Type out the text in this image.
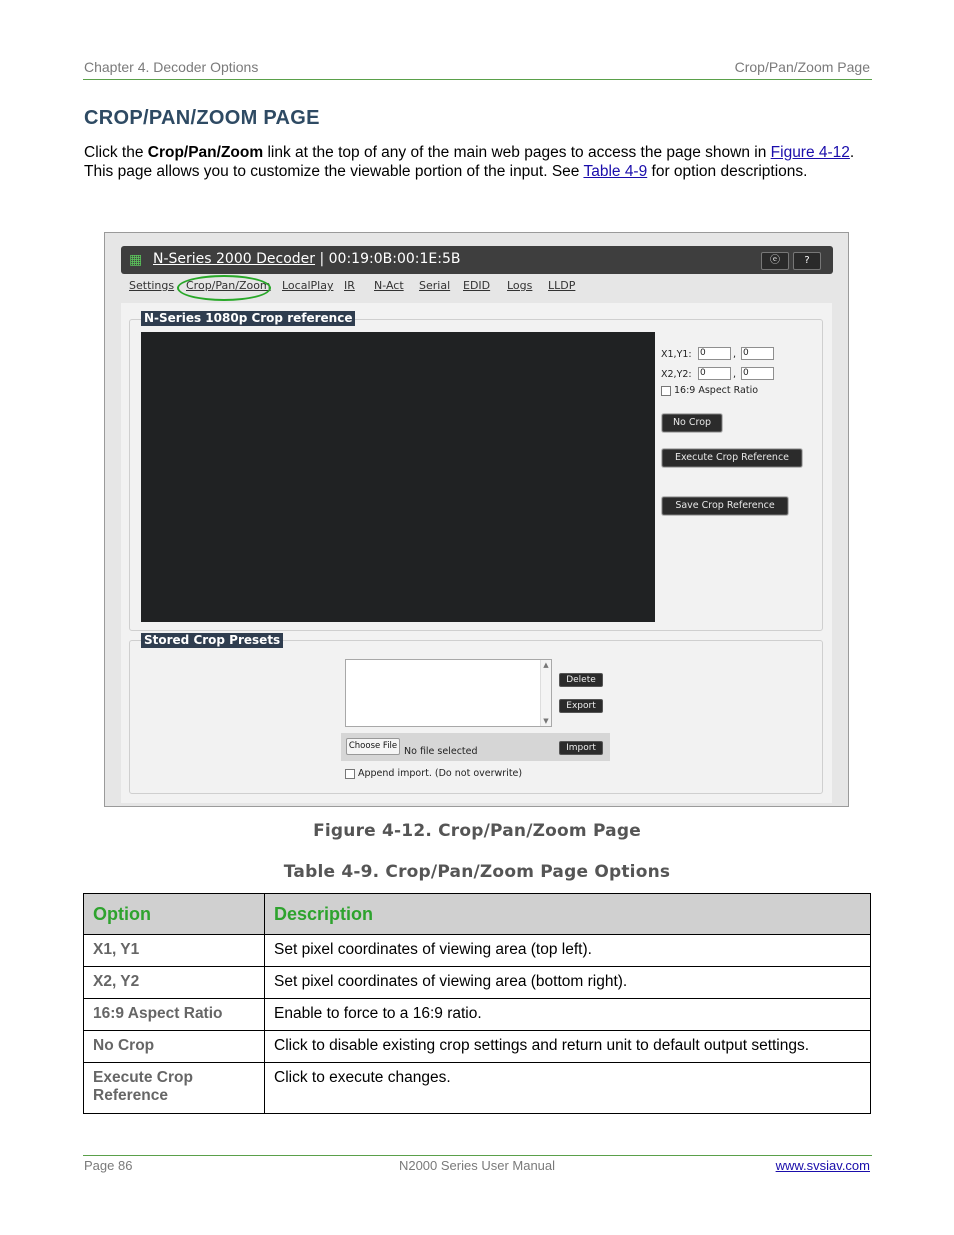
Chapter 4. Decoder Options	Crop/Pan/Zoom Page
CROP/PAN/ZOOM PAGE
Click the Crop/Pan/Zoom link at the top of any of the main web pages to access the page shown in Figure 4-12. This page allows you to customize the viewable portion of the input. See Table 4-9 for option descriptions.
▦ N-Series 2000 Decoder | 00:19:0B:00:1E:5B	ⓔ	?
Settings Crop/Pan/Zoom LocalPlay IR N-Act Serial EDID Logs LLDP
N-Series 1080p Crop reference
X1,Y1: 0	, 0
X2,Y2: 0	, 0
16:9 Aspect Ratio
No Crop
Execute Crop Reference
Save Crop Reference
Stored Crop Presets
▲
▼
Delete
Export
Choose File No file selected	Import
Append import. (Do not overwrite)
Figure 4-12. Crop/Pan/Zoom Page
Table 4-9. Crop/Pan/Zoom Page Options
Option	Description
X1, Y1	Set pixel coordinates of viewing area (top left).
X2, Y2	Set pixel coordinates of viewing area (bottom right).
16:9 Aspect Ratio	Enable to force to a 16:9 ratio.
No Crop	Click to disable existing crop settings and return unit to default output settings.
Execute Crop Reference	Click to execute changes.
Page 86	N2000 Series User Manual	www.svsiav.com
